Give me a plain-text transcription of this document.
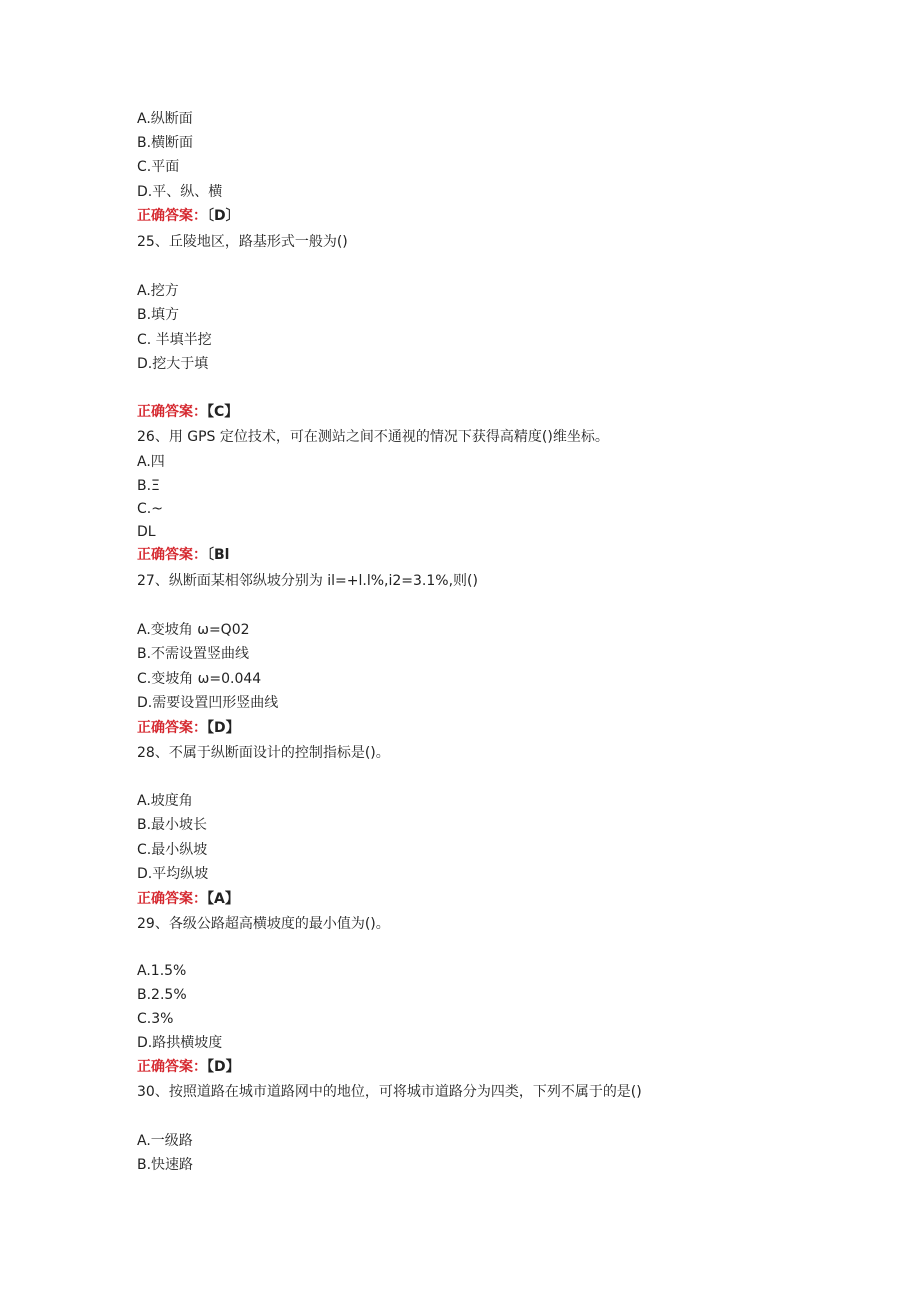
A.纵断面
B.横断面
C.平面
D.平、纵、横
正确答案：〔D〕
25、丘陵地区，路基形式一般为()
A.挖方
B.填方
C. 半填半挖
D.挖大于填
正确答案：【C】
26、用 GPS 定位技术，可在测站之间不通视的情况下获得高精度()维坐标。
A.四
B.Ξ
C.~
DL
正确答案：〔Bl
27、纵断面某相邻纵坡分别为 il=+l.l%,i2=3.1%,则()
A.变坡角 ω=Q02
B.不需设置竖曲线
C.变坡角 ω=0.044
D.需要设置凹形竖曲线
正确答案：【D】
28、不属于纵断面设计的控制指标是()。
A.坡度角
B.最小坡长
C.最小纵坡
D.平均纵坡
正确答案：【A】
29、各级公路超高横坡度的最小值为()。
A.1.5%
B.2.5%
C.3%
D.路拱横坡度
正确答案：【D】
30、按照道路在城市道路网中的地位，可将城市道路分为四类，下列不属于的是()
A.一级路
B.快速路
